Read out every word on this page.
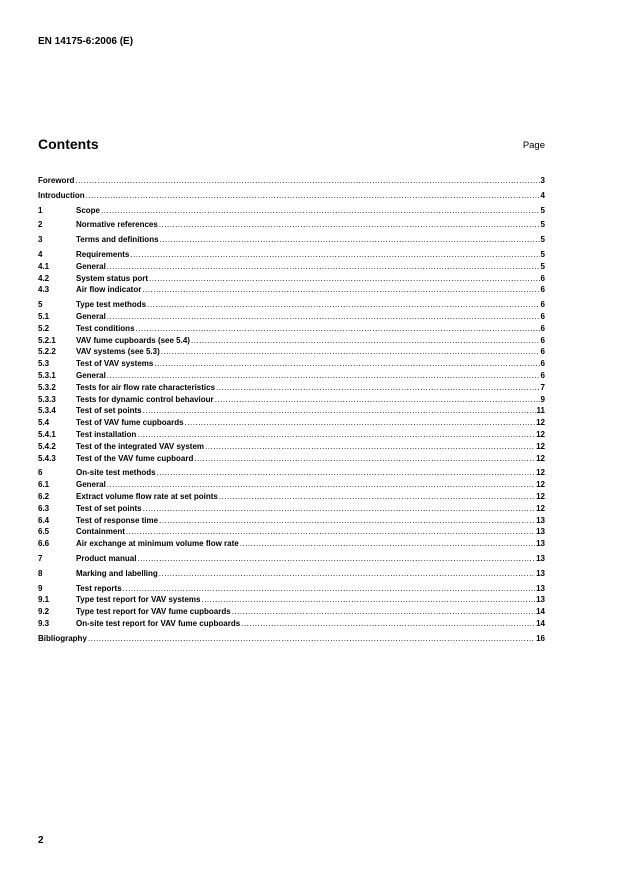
EN 14175-6:2006 (E)
Contents	Page
Foreword .....	3
Introduction .....	4
1	Scope .....	5
2	Normative references .....	5
3	Terms and definitions .....	5
4	Requirements .....	5
4.1	General .....	5
4.2	System status port .....	6
4.3	Air flow indicator .....	6
5	Type test methods .....	6
5.1	General .....	6
5.2	Test conditions .....	6
5.2.1	VAV fume cupboards (see 5.4) .....	6
5.2.2	VAV systems (see 5.3) .....	6
5.3	Test of VAV systems .....	6
5.3.1	General .....	6
5.3.2	Tests for air flow rate characteristics .....	7
5.3.3	Tests for dynamic control behaviour .....	9
5.3.4	Test of set points .....	11
5.4	Test of VAV fume cupboards .....	12
5.4.1	Test installation .....	12
5.4.2	Test of the integrated VAV system .....	12
5.4.3	Test of the VAV fume cupboard .....	12
6	On-site test methods .....	12
6.1	General .....	12
6.2	Extract volume flow rate at set points .....	12
6.3	Test of set points .....	12
6.4	Test of response time .....	13
6.5	Containment .....	13
6.6	Air exchange at minimum volume flow rate .....	13
7	Product manual .....	13
8	Marking and labelling .....	13
9	Test reports .....	13
9.1	Type test report for VAV systems .....	13
9.2	Type test report for VAV fume cupboards .....	14
9.3	On-site test report for VAV fume cupboards .....	14
Bibliography .....	16
2
